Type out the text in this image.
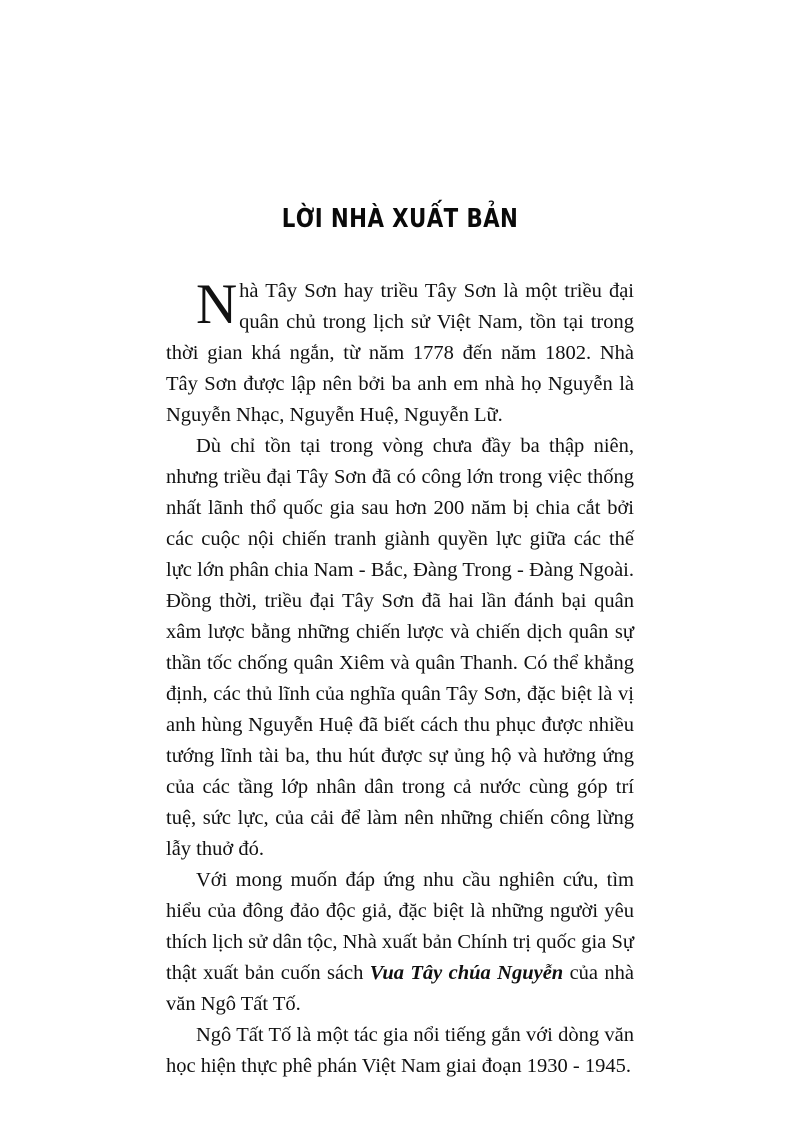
LỜI NHÀ XUẤT BẢN

Nhà Tây Sơn hay triều Tây Sơn là một triều đại quân chủ trong lịch sử Việt Nam, tồn tại trong thời gian khá ngắn, từ năm 1778 đến năm 1802. Nhà Tây Sơn được lập nên bởi ba anh em nhà họ Nguyễn là Nguyễn Nhạc, Nguyễn Huệ, Nguyễn Lữ.

Dù chỉ tồn tại trong vòng chưa đầy ba thập niên, nhưng triều đại Tây Sơn đã có công lớn trong việc thống nhất lãnh thổ quốc gia sau hơn 200 năm bị chia cắt bởi các cuộc nội chiến tranh giành quyền lực giữa các thế lực lớn phân chia Nam - Bắc, Đàng Trong - Đàng Ngoài. Đồng thời, triều đại Tây Sơn đã hai lần đánh bại quân xâm lược bằng những chiến lược và chiến dịch quân sự thần tốc chống quân Xiêm và quân Thanh. Có thể khẳng định, các thủ lĩnh của nghĩa quân Tây Sơn, đặc biệt là vị anh hùng Nguyễn Huệ đã biết cách thu phục được nhiều tướng lĩnh tài ba, thu hút được sự ủng hộ và hưởng ứng của các tầng lớp nhân dân trong cả nước cùng góp trí tuệ, sức lực, của cải để làm nên những chiến công lừng lẫy thuở đó.

Với mong muốn đáp ứng nhu cầu nghiên cứu, tìm hiểu của đông đảo độc giả, đặc biệt là những người yêu thích lịch sử dân tộc, Nhà xuất bản Chính trị quốc gia Sự thật xuất bản cuốn sách Vua Tây chúa Nguyễn của nhà văn Ngô Tất Tố.

Ngô Tất Tố là một tác gia nổi tiếng gắn với dòng văn học hiện thực phê phán Việt Nam giai đoạn 1930 - 1945.
